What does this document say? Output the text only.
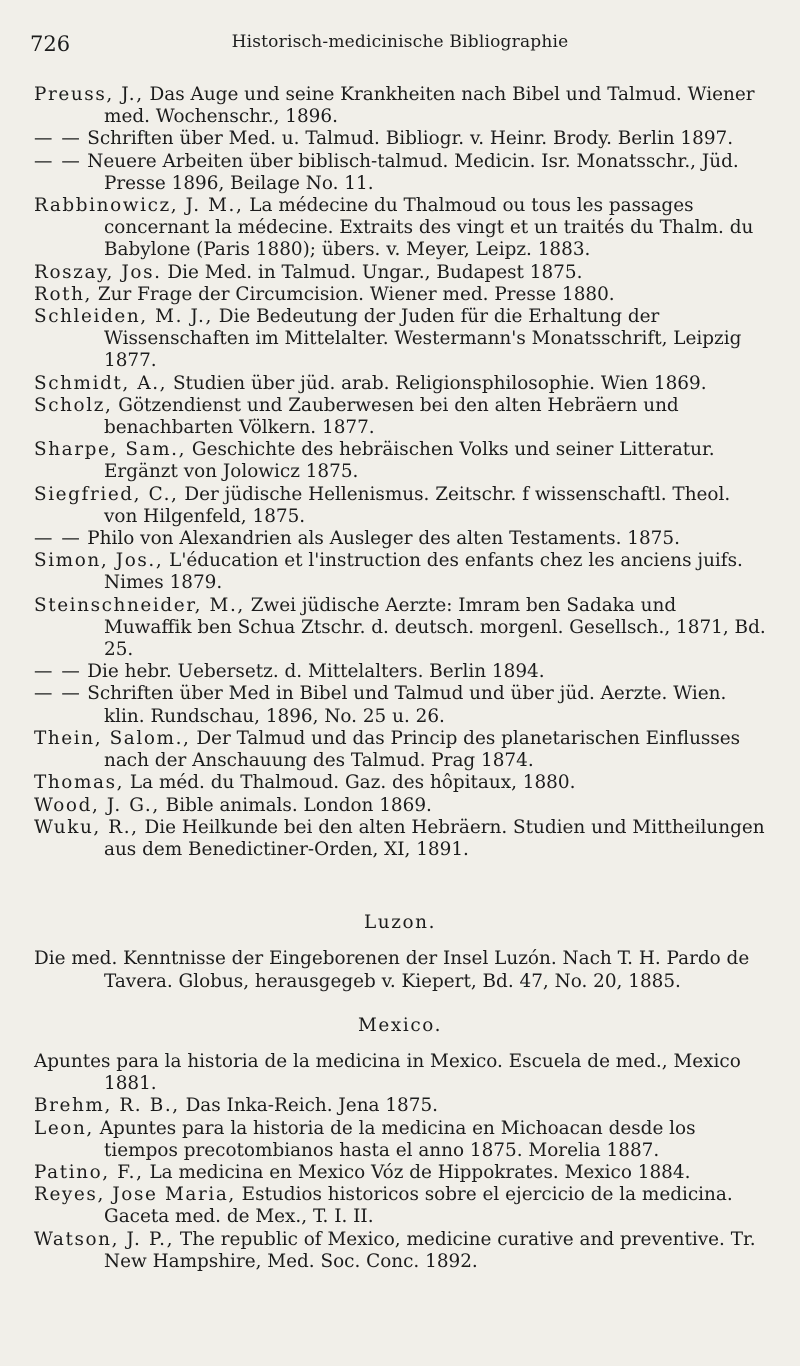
726	Historisch-medicinische Bibliographie

Preuss, J., Das Auge und seine Krankheiten nach Bibel und Talmud. Wiener med. Wochenschr., 1896.

— — Schriften über Med. u. Talmud. Bibliogr. v. Heinr. Brody. Berlin 1897.

— — Neuere Arbeiten über biblisch-talmud. Medicin. Isr. Monatsschr., Jüd. Presse 1896, Beilage No. 11.

Rabbinowicz, J. M., La médecine du Thalmoud ou tous les passages concernant la médecine. Extraits des vingt et un traités du Thalm. du Babylone (Paris 1880); übers. v. Meyer, Leipz. 1883.

Roszay, Jos. Die Med. in Talmud. Ungar., Budapest 1875.

Roth, Zur Frage der Circumcision. Wiener med. Presse 1880.

Schleiden, M. J., Die Bedeutung der Juden für die Erhaltung der Wissenschaften im Mittelalter. Westermann's Monatsschrift, Leipzig 1877.

Schmidt, A., Studien über jüd. arab. Religionsphilosophie. Wien 1869.

Scholz, Götzendienst und Zauberwesen bei den alten Hebräern und benachbarten Völkern. 1877.

Sharpe, Sam., Geschichte des hebräischen Volks und seiner Litteratur. Ergänzt von Jolowicz 1875.

Siegfried, C., Der jüdische Hellenismus. Zeitschr. f wissenschaftl. Theol. von Hilgenfeld, 1875.

— — Philo von Alexandrien als Ausleger des alten Testaments. 1875.

Simon, Jos., L'éducation et l'instruction des enfants chez les anciens juifs. Nimes 1879.

Steinschneider, M., Zwei jüdische Aerzte: Imram ben Sadaka und Muwaffik ben Schua Ztschr. d. deutsch. morgenl. Gesellsch., 1871, Bd. 25.

— — Die hebr. Uebersetz. d. Mittelalters. Berlin 1894.

— — Schriften über Med in Bibel und Talmud und über jüd. Aerzte. Wien. klin. Rundschau, 1896, No. 25 u. 26.

Thein, Salom., Der Talmud und das Princip des planetarischen Einflusses nach der Anschauung des Talmud. Prag 1874.

Thomas, La méd. du Thalmoud. Gaz. des hôpitaux, 1880.

Wood, J. G., Bible animals. London 1869.

Wuku, R., Die Heilkunde bei den alten Hebräern. Studien und Mittheilungen aus dem Benedictiner-Orden, XI, 1891.

Luzon.

Die med. Kenntnisse der Eingeborenen der Insel Luzón. Nach T. H. Pardo de Tavera. Globus, herausgegeb v. Kiepert, Bd. 47, No. 20, 1885.

Mexico.

Apuntes para la historia de la medicina in Mexico. Escuela de med., Mexico 1881.

Brehm, R. B., Das Inka-Reich. Jena 1875.

Leon, Apuntes para la historia de la medicina en Michoacan desde los tiempos precotombianos hasta el anno 1875. Morelia 1887.

Patino, F., La medicina en Mexico Vóz de Hippokrates. Mexico 1884.

Reyes, Jose Maria, Estudios historicos sobre el ejercicio de la medicina. Gaceta med. de Mex., T. I. II.

Watson, J. P., The republic of Mexico, medicine curative and preventive. Tr. New Hampshire, Med. Soc. Conc. 1892.
